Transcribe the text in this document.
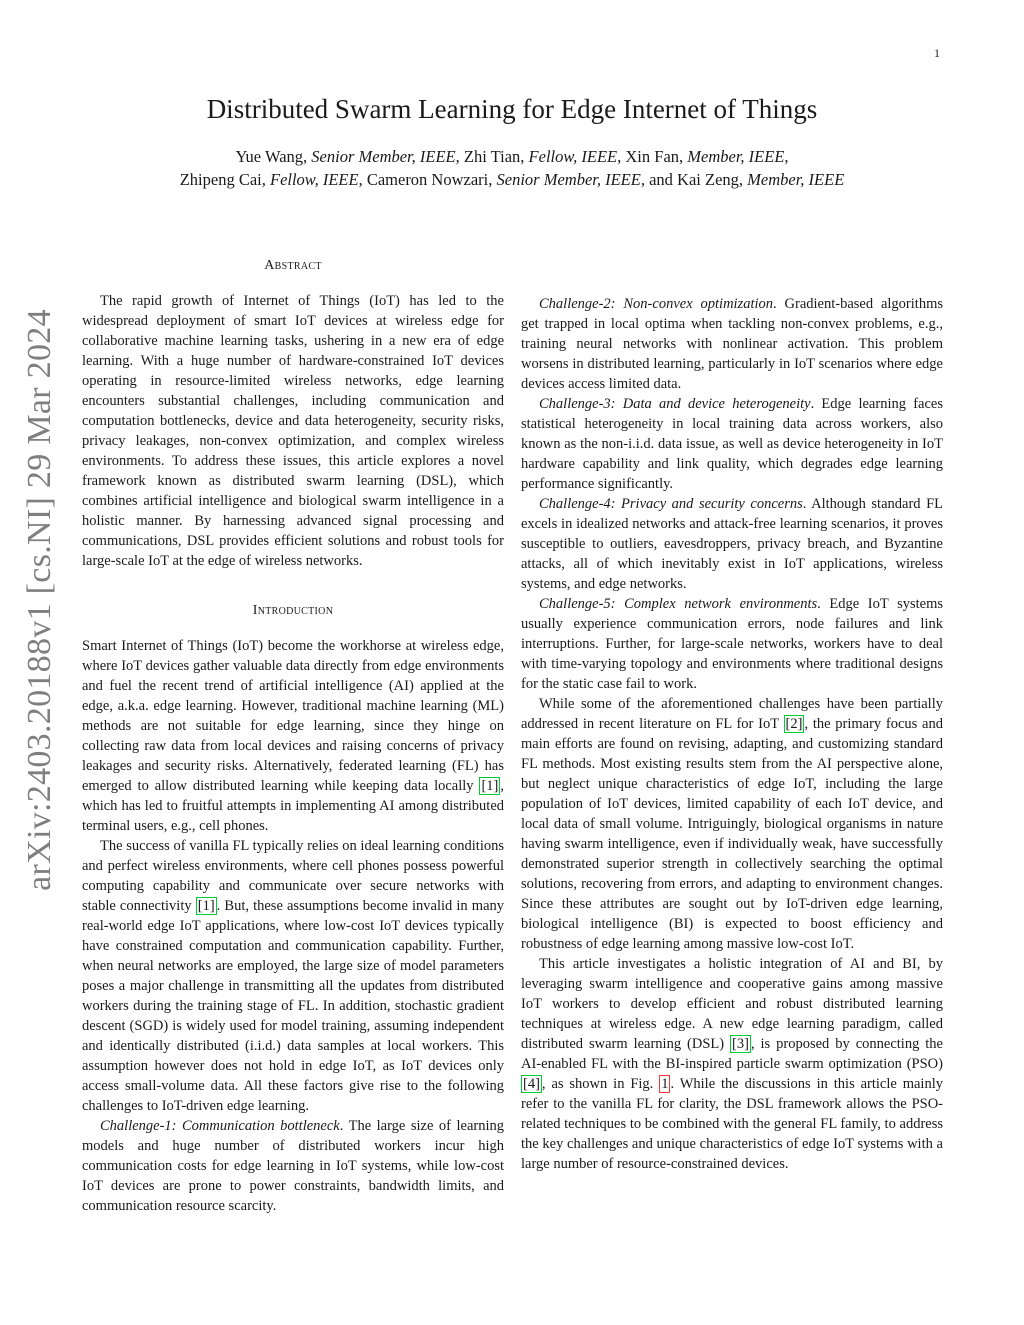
1
arXiv:2403.20188v1 [cs.NI] 29 Mar 2024
Distributed Swarm Learning for Edge Internet of Things
Yue Wang, Senior Member, IEEE, Zhi Tian, Fellow, IEEE, Xin Fan, Member, IEEE,
Zhipeng Cai, Fellow, IEEE, Cameron Nowzari, Senior Member, IEEE, and Kai Zeng, Member, IEEE
Abstract

The rapid growth of Internet of Things (IoT) has led to the widespread deployment of smart IoT devices at wireless edge for collaborative machine learning tasks, ushering in a new era of edge learning. With a huge number of hardware-constrained IoT devices operating in resource-limited wireless networks, edge learning encounters substantial challenges, including communication and computation bottlenecks, device and data heterogeneity, security risks, privacy leakages, non-convex optimization, and complex wireless environments. To address these issues, this article explores a novel framework known as distributed swarm learning (DSL), which combines artificial intelligence and biological swarm intelligence in a holistic manner. By harnessing advanced signal processing and communications, DSL provides efficient solutions and robust tools for large-scale IoT at the edge of wireless networks.

Introduction

Smart Internet of Things (IoT) become the workhorse at wireless edge, where IoT devices gather valuable data directly from edge environments and fuel the recent trend of artificial intelligence (AI) applied at the edge, a.k.a. edge learning. However, traditional machine learning (ML) methods are not suitable for edge learning, since they hinge on collecting raw data from local devices and raising concerns of privacy leakages and security risks. Alternatively, federated learning (FL) has emerged to allow distributed learning while keeping data locally [1] , which has led to fruitful attempts in implementing AI among distributed terminal users, e.g., cell phones.

The success of vanilla FL typically relies on ideal learning conditions and perfect wireless environments, where cell phones possess powerful computing capability and communicate over secure networks with stable connectivity [1] . But, these assumptions become invalid in many real-world edge IoT applications, where low-cost IoT devices typically have constrained computation and communication capability. Further, when neural networks are employed, the large size of model parameters poses a major challenge in transmitting all the updates from distributed workers during the training stage of FL. In addition, stochastic gradient descent (SGD) is widely used for model training, assuming independent and identically distributed (i.i.d.) data samples at local workers. This assumption however does not hold in edge IoT, as IoT devices only access small-volume data. All these factors give rise to the following challenges to IoT-driven edge learning.

Challenge-1: Communication bottleneck. The large size of learning models and huge number of distributed workers incur high communication costs for edge learning in IoT systems, while low-cost IoT devices are prone to power constraints, bandwidth limits, and communication resource scarcity.

Challenge-2: Non-convex optimization. Gradient-based algorithms get trapped in local optima when tackling non-convex problems, e.g., training neural networks with nonlinear activation. This problem worsens in distributed learning, particularly in IoT scenarios where edge devices access limited data.

Challenge-3: Data and device heterogeneity. Edge learning faces statistical heterogeneity in local training data across workers, also known as the non-i.i.d. data issue, as well as device heterogeneity in IoT hardware capability and link quality, which degrades edge learning performance significantly.

Challenge-4: Privacy and security concerns. Although standard FL excels in idealized networks and attack-free learning scenarios, it proves susceptible to outliers, eavesdroppers, privacy breach, and Byzantine attacks, all of which inevitably exist in IoT applications, wireless systems, and edge networks.

Challenge-5: Complex network environments. Edge IoT systems usually experience communication errors, node failures and link interruptions. Further, for large-scale networks, workers have to deal with time-varying topology and environments where traditional designs for the static case fail to work.

While some of the aforementioned challenges have been partially addressed in recent literature on FL for IoT [2] , the primary focus and main efforts are found on revising, adapting, and customizing standard FL methods. Most existing results stem from the AI perspective alone, but neglect unique characteristics of edge IoT, including the large population of IoT devices, limited capability of each IoT device, and local data of small volume. Intriguingly, biological organisms in nature having swarm intelligence, even if individually weak, have successfully demonstrated superior strength in collectively searching the optimal solutions, recovering from errors, and adapting to environment changes. Since these attributes are sought out by IoT-driven edge learning, biological intelligence (BI) is expected to boost efficiency and robustness of edge learning among massive low-cost IoT.

This article investigates a holistic integration of AI and BI, by leveraging swarm intelligence and cooperative gains among massive IoT workers to develop efficient and robust distributed learning techniques at wireless edge. A new edge learning paradigm, called distributed swarm learning (DSL) [3] , is proposed by connecting the AI-enabled FL with the BI-inspired particle swarm optimization (PSO) [4] , as shown in Fig. 1 . While the discussions in this article mainly refer to the vanilla FL for clarity, the DSL framework allows the PSO-related techniques to be combined with the general FL family, to address the key challenges and unique characteristics of edge IoT systems with a large number of resource-constrained devices.
